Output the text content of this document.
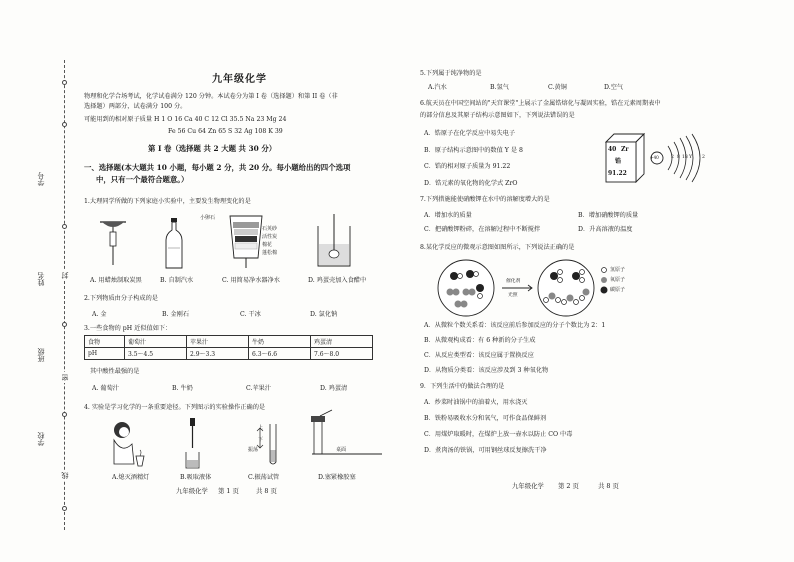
学号
姓名
班级
学校
封
密
线
九年级化学
物理和化学合场考试，化学试卷满分 120 分钟。本试卷分为第 I 卷（选择题）和第 II 卷（非
选择题）两部分，试卷满分 100 分。
可能用到的相对原子质量 H 1 O 16 Ca 40 C 12 Cl 35.5 Na 23 Mg 24
Fe 56 Cu 64 Zn 65 S 32 Ag 108 K 39
第 I 卷（选择题 共 2 大题 共 30 分）
一、选择题(本大题共 10 小题，每小题 2 分，共 20 分。每小题给出的四个选项
中，只有一个最符合题意。）
1.大理同学所做的下列家庭小实验中，主要发生物理变化的是
小卵石
石英砂
活性炭
棉花
蓬松棉
A. 用蜡烛制取炭黑	B. 自制汽水	C. 用简易净水器净水	D. 鸡蛋壳加入食醋中
2.下列物质由分子构成的是
A. 金	B. 金刚石	C. 干冰	D. 氯化钠
3.一些食物的 pH 近似值如下：
食物	葡萄汁	苹果汁	牛奶	鸡蛋清
pH	3.5～4.5	2.9～3.3	6.3～6.6	7.6～8.0
其中酸性最强的是
A. 葡萄汁	B. 牛奶	C.苹果汁	D. 鸡蛋清
4. 实验是学习化学的一条重要途径。下列图示的实验操作正确的是
上
下
振荡	桌面
A.熄灭酒精灯	B.吸取液体	C.振荡试管	D.塞紧橡胶塞
九年级化学 第 1 页	共 8 页
5.下列属于纯净物的是
A.汽水	B.氢气	C.黄铜	D.空气
6.航天员在中国空间站的"天宫课堂"上展示了金属锆熔化与凝固实验，锆在元素周期表中
的部分信息及其原子结构示意图如下，下列说法错误的是
A．锆原子在化学反应中易失电子
B．原子结构示意图中的数值 Y 是 8
C．锆的相对原子质量为 91.22
D．锆元素的氧化物的化学式 ZrO
40 Zr
锆
91.22
+40	2 8 18 Y 2
7.下列措施能使硝酸钾在水中的溶解度增大的是
A．增加水的质量	B．增加硝酸钾的质量
C．把硝酸钾粉碎，在溶解过程中不断搅拌	D．升高溶液的温度
8.某化学反应的微观示意图如图所示，下列说法正确的是
催化剂
光照
氢原子
氧原子
碳原子
A．从微粒个数关系看：该反应前后参加反应的分子个数比为 2：1
B．从微观构成看：有 6 种新的分子生成
C．从反应类型看：该反应属于置换反应
D．从物质分类看：该反应涉及到 3 种氧化物
9．下列生活中的做法合理的是
A．炒菜时油锅中的油着火，用水浇灭
B．铁粉易吸收水分和氧气，可作食品保鲜剂
C．用煤炉取暖时，在煤炉上放一壶水以防止 CO 中毒
D．煮肉汤的铁锅，可用钢丝球反复擦洗干净
九年级化学 第 2 页	共 8 页
